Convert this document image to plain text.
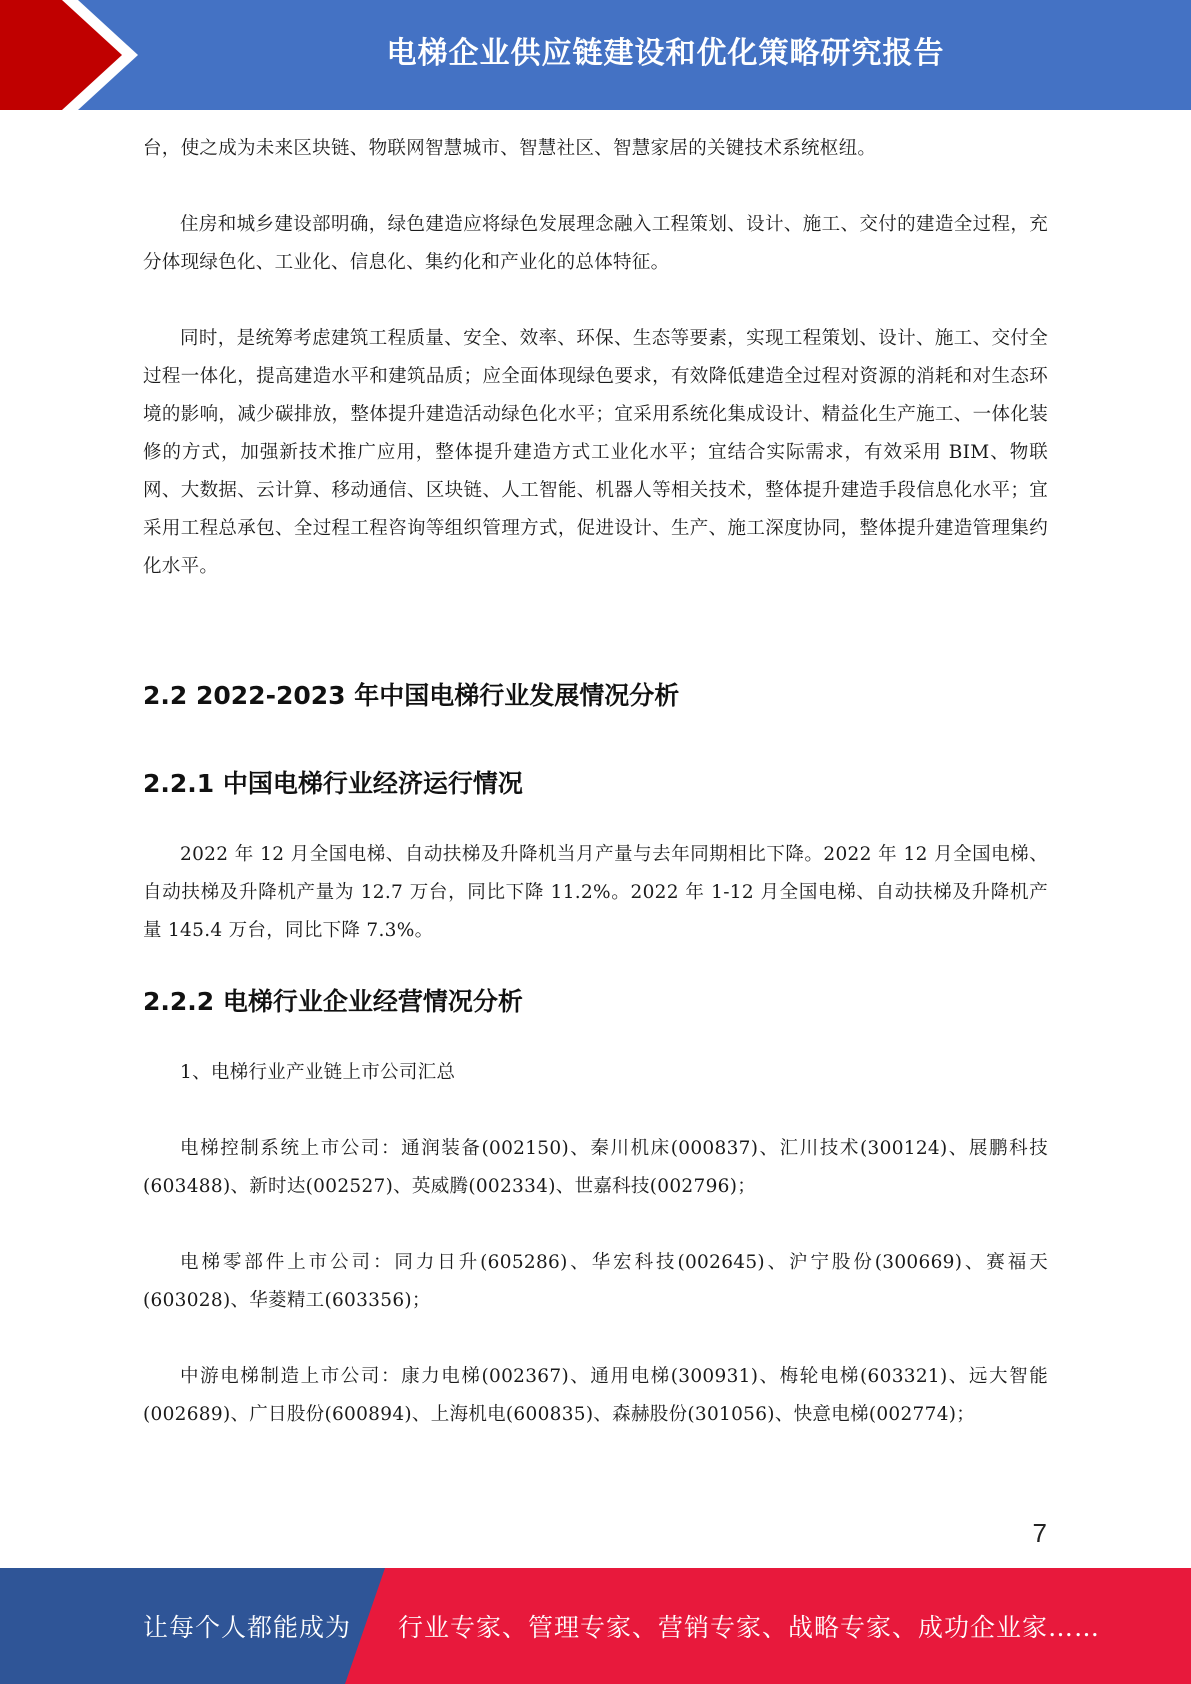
电梯企业供应链建设和优化策略研究报告

台，使之成为未来区块链、物联网智慧城市、智慧社区、智慧家居的关键技术系统枢纽。

住房和城乡建设部明确，绿色建造应将绿色发展理念融入工程策划、设计、施工、交付的建造全过程，充分体现绿色化、工业化、信息化、集约化和产业化的总体特征。

同时，是统筹考虑建筑工程质量、安全、效率、环保、生态等要素，实现工程策划、设计、施工、交付全过程一体化，提高建造水平和建筑品质；应全面体现绿色要求，有效降低建造全过程对资源的消耗和对生态环境的影响，减少碳排放，整体提升建造活动绿色化水平；宜采用系统化集成设计、精益化生产施工、一体化装修的方式，加强新技术推广应用，整体提升建造方式工业化水平；宜结合实际需求，有效采用 BIM、物联网、大数据、云计算、移动通信、区块链、人工智能、机器人等相关技术，整体提升建造手段信息化水平；宜采用工程总承包、全过程工程咨询等组织管理方式，促进设计、生产、施工深度协同，整体提升建造管理集约化水平。

2.2 2022-2023 年中国电梯行业发展情况分析
2.2.1 中国电梯行业经济运行情况

2022 年 12 月全国电梯、自动扶梯及升降机当月产量与去年同期相比下降。2022 年 12 月全国电梯、自动扶梯及升降机产量为 12.7 万台，同比下降 11.2%。2022 年 1-12 月全国电梯、自动扶梯及升降机产量 145.4 万台，同比下降 7.3%。

2.2.2 电梯行业企业经营情况分析

1、电梯行业产业链上市公司汇总

电梯控制系统上市公司：通润装备(002150)、秦川机床(000837)、汇川技术(300124)、展鹏科技(603488)、新时达(002527)、英威腾(002334)、世嘉科技(002796)；

电梯零部件上市公司：同力日升(605286)、华宏科技(002645)、沪宁股份(300669)、赛福天(603028)、华菱精工(603356)；

中游电梯制造上市公司：康力电梯(002367)、通用电梯(300931)、梅轮电梯(603321)、远大智能(002689)、广日股份(600894)、上海机电(600835)、森赫股份(301056)、快意电梯(002774)；

7
让每个人都能成为 行业专家、管理专家、营销专家、战略专家、成功企业家……
